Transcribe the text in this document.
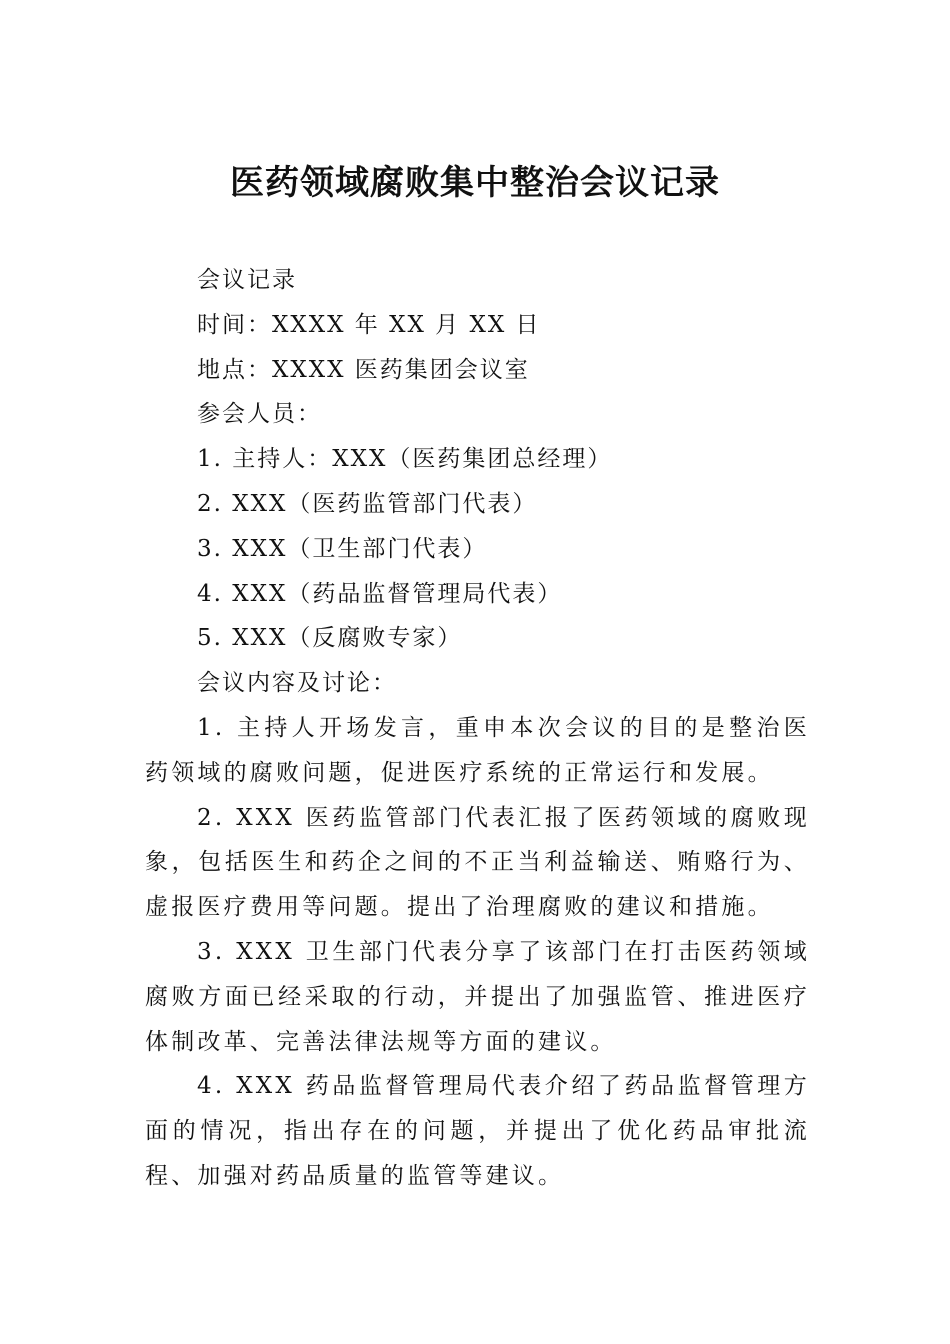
医药领域腐败集中整治会议记录

会议记录

时间：XXXX 年 XX 月 XX 日

地点：XXXX 医药集团会议室

参会人员：

1. 主持人：XXX（医药集团总经理）

2. XXX（医药监管部门代表）

3. XXX（卫生部门代表）

4. XXX（药品监督管理局代表）

5. XXX（反腐败专家）

会议内容及讨论：

1. 主持人开场发言，重申本次会议的目的是整治医药领域的腐败问题，促进医疗系统的正常运行和发展。

2. XXX 医药监管部门代表汇报了医药领域的腐败现象，包括医生和药企之间的不正当利益输送、贿赂行为、虚报医疗费用等问题。提出了治理腐败的建议和措施。

3. XXX 卫生部门代表分享了该部门在打击医药领域腐败方面已经采取的行动，并提出了加强监管、推进医疗体制改革、完善法律法规等方面的建议。

4. XXX 药品监督管理局代表介绍了药品监督管理方面的情况，指出存在的问题，并提出了优化药品审批流程、加强对药品质量的监管等建议。
